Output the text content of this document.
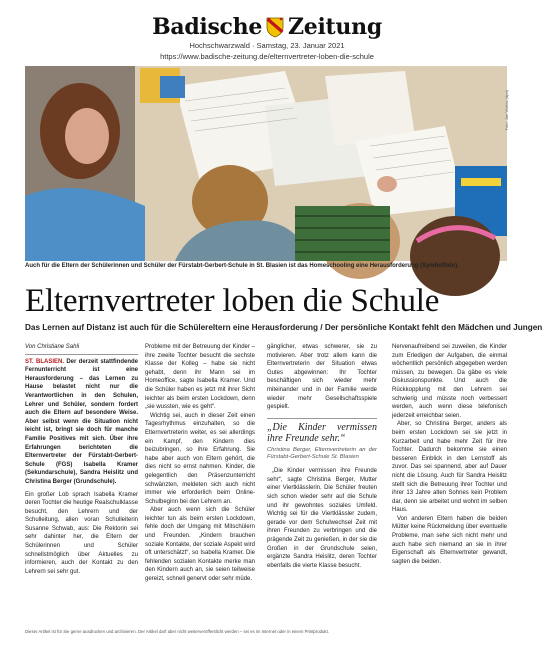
Badische Zeitung
Hochschwarzwald · Samstag, 23. Januar 2021
https://www.badische-zeitung.de/elternvertreter-loben-die-schule
Foto: Jan Woitas (dpa)
Auch für die Eltern der Schülerinnen und Schüler der Fürstabt-Gerbert-Schule in St. Blasien ist das Homeschooling eine Herausforderung (Symbolfoto).
Elternvertreter loben die Schule
Das Lernen auf Distanz ist auch für die Schülereltern eine Herausforderung / Der persönliche Kontakt fehlt den Mädchen und Jungen
Von Christiane Sahli

ST. BLASIEN. Der derzeit stattfindende Fernunterricht ist eine Herausforderung – das Lernen zu Hause belastet nicht nur die Verantwortlichen in den Schulen, Lehrer und Schüler, sondern fordert auch die Eltern auf besondere Weise. Aber selbst wenn die Situation nicht leicht ist, bringt sie doch für manche Familie Positives mit sich. Über ihre Erfahrungen berichteten die Elternvertreter der Fürstabt-Gerbert-Schule (FGS) Isabella Kramer (Sekundarschule), Sandra Heislitz und Christina Berger (Grundschule).

Ein großer Lob sprach Isabella Kramer deren Tochter die heutige Realschulklasse besucht, den Lehrern und der Schulleitung, allen voran Schulleiterin Susanne Schwab, aus: Die Rektorin sei sehr dahinter her, die Eltern der Schülerinnen und Schüler schnellstmöglich über Aktuelles zu informieren, auch der Kontakt zu den Lehrern sei sehr gut.

Probleme mit der Betreuung der Kinder – ihre zweite Tochter besucht die sechste Klasse der Kolleg – habe sie nicht gehabt, denn ihr Mann sei im Homeoffice, sagte Isabella Kramer. Und die Schüler haben es jetzt mit ihrer Sicht leichter als beim ersten Lockdown, denn „sie wussten, wie es geht“.

Wichtig sei, auch in dieser Zeit einen Tagesrhythmus einzuhalten, so die Elternvertreterin weiter, es sei allerdings ein Kampf, den Kindern dies beizubringen, so ihre Erfahrung. Sie habe aber auch von Eltern gehört, die dies nicht so ernst nahmen. Kinder, die gelegentlich den Präsenzunterricht schwänzten, meldeten sich auch nicht immer wie erforderlich beim Online-Schulbeginn bei den Lehrern an.

Aber auch wenn sich die Schüler leichter tun als beim ersten Lockdown, fehle doch der Umgang mit Mitschülern und Freunden. „Kindern brauchen soziale Kontakte, der soziale Aspekt wird oft unterschätzt“, so Isabella Kramer. Die fehlenden sozialen Kontakte merke man den Kindern auch an, sie seien teilweise gereizt, schnell genervt oder sehr müde.

gänglicher, etwas schwerer, sie zu motivieren. Aber trotz allem kann die Elternvertreterin der Situation etwas Gutes abgewinnen: Ihr Tochter beschäftigen sich wieder mehr miteinander und in der Familie werde wieder mehr Gesellschaftsspiele gespielt.

„Die Kinder vermissen ihre Freunde sehr.“
Christina Berger, Elternvertreterin an der Fürstabt-Gerbert-Schule St. Blasien

„Die Kinder vermissen ihre Freunde sehr“, sagte Christina Berger, Mutter einer Viertklässlerin. Die Schüler freuten sich schon wieder sehr auf die Schule und ihr gewohntes soziales Umfeld. Wichtig sei für die Viertklässler zudem, gerade vor dem Schulwechsel Zeit mit ihren Freunden zu verbringen und die prägende Zeit zu genießen, in der sie die Großen in der Grundschule seien, ergänzte Sandra Heislitz, deren Tochter ebenfalls die vierte Klasse besucht.

Nervenaufreibend sei zuweilen, die Kinder zum Erledigen der Aufgaben, die einmal wöchentlich persönlich abgegeben werden müssen, zu bewegen. Da gäbe es viele Diskussionspunkte. Und auch die Rückkopplung mit den Lehrern sei schwierig und müsste noch verbessert werden, auch wenn diese telefonisch jederzeit erreichbar seien.

Aber, so Christina Berger, anders als beim ersten Lockdown sei sie jetzt in Kurzarbeit und habe mehr Zeit für ihre Tochter. Dadurch bekomme sie einen besseren Einblick in den Lernstoff als zuvor. Das sei spannend, aber auf Dauer nicht die Lösung. Auch für Sandra Heislitz stellt sich die Betreuung ihrer Tochter und ihrer 13 Jahre alten Sohnes kein Problem dar, denn sie arbeitet und wohnt im selben Haus.

Von anderen Eltern haben die beiden Mütter keine Rückmeldung über eventuelle Probleme, man sehe sich nicht mehr und auch habe sich niemand an sie in ihrer Eigenschaft als Elternvertreter gewandt, sagten die beiden.

Dieser Artikel ist für Sie gerne ausdrucken und archivieren. Der Artikel darf aber nicht weiterveröffentlicht werden – sei es im Internet oder in einem Printprodukt.
